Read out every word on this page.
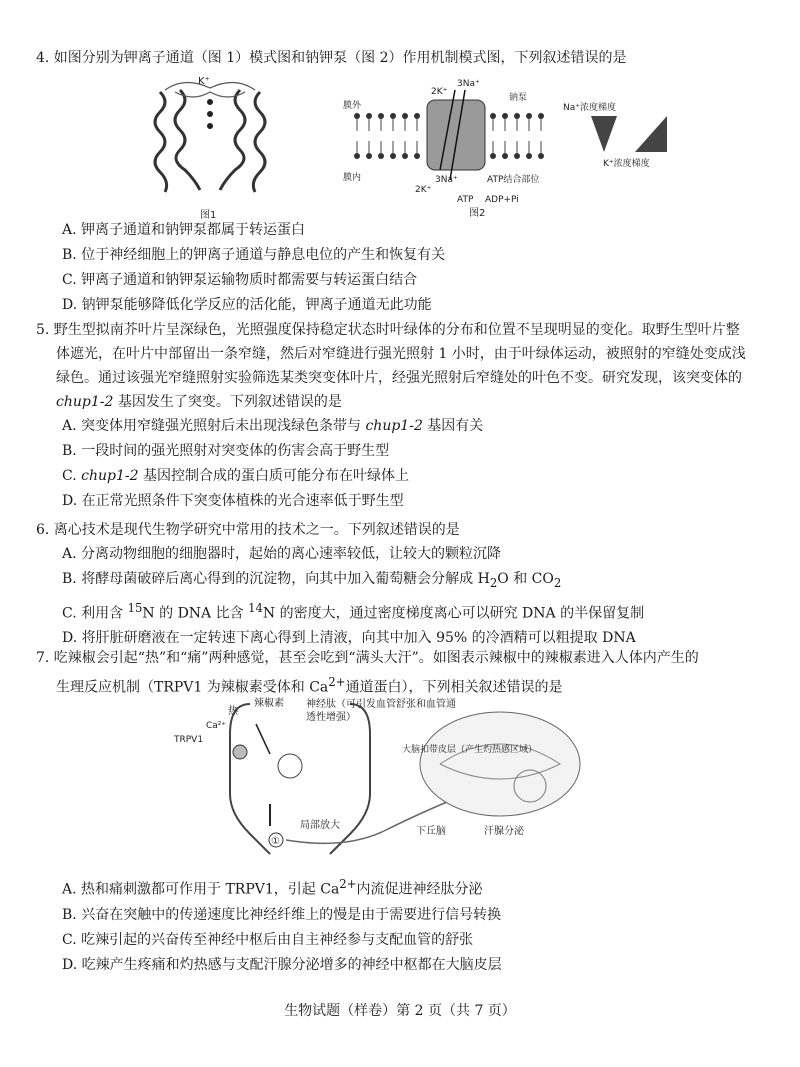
4. 如图分别为钾离子通道（图 1）模式图和钠钾泵（图 2）作用机制模式图，下列叙述错误的是

K⁺
图1
膜外
膜内
3Na⁺
2K⁺
钠泵
3Na⁺
2K⁺
ATP结合部位
ATP ADP+Pi
图2
Na⁺浓度梯度
K⁺浓度梯度

A. 钾离子通道和钠钾泵都属于转运蛋白

B. 位于神经细胞上的钾离子通道与静息电位的产生和恢复有关

C. 钾离子通道和钠钾泵运输物质时都需要与转运蛋白结合

D. 钠钾泵能够降低化学反应的活化能，钾离子通道无此功能

5. 野生型拟南芥叶片呈深绿色，光照强度保持稳定状态时叶绿体的分布和位置不呈现明显的变化。取野生型叶片整

体遮光，在叶片中部留出一条窄缝，然后对窄缝进行强光照射 1 小时，由于叶绿体运动，被照射的窄缝处变成浅

绿色。通过该强光窄缝照射实验筛选某类突变体叶片，经强光照射后窄缝处的叶色不变。研究发现，该突变体的

chup1-2 基因发生了突变。下列叙述错误的是

A. 突变体用窄缝强光照射后未出现浅绿色条带与 chup1-2 基因有关

B. 一段时间的强光照射对突变体的伤害会高于野生型

C. chup1-2 基因控制合成的蛋白质可能分布在叶绿体上

D. 在正常光照条件下突变体植株的光合速率低于野生型

6. 离心技术是现代生物学研究中常用的技术之一。下列叙述错误的是

A. 分离动物细胞的细胞器时，起始的离心速率较低，让较大的颗粒沉降

B. 将酵母菌破碎后离心得到的沉淀物，向其中加入葡萄糖会分解成 $H_2O$ 和 $CO_2$

C. 利用含 $^{15}$N 的 DNA 比含 $^{14}$N 的密度大，通过密度梯度离心可以研究 DNA 的半保留复制

D. 将肝脏研磨液在一定转速下离心得到上清液，向其中加入 95% 的冷酒精可以粗提取 DNA

7. 吃辣椒会引起“热”和“痛”两种感觉，甚至会吃到“满头大汗”。如图表示辣椒中的辣椒素进入人体内产生的

生理反应机制（TRPV1 为辣椒素受体和 $Ca^{2+}$通道蛋白），下列相关叙述错误的是

①
热
辣椒素
Ca²⁺
TRPV1
神经肽（可引发血管舒张和血管通透性增强）
局部放大
大脑扣带皮层（产生灼热感区域）
下丘脑	汗腺分泌

A. 热和痛刺激都可作用于 TRPV1，引起 $Ca^{2+}$内流促进神经肽分泌

B. 兴奋在突触中的传递速度比神经纤维上的慢是由于需要进行信号转换

C. 吃辣引起的兴奋传至神经中枢后由自主神经参与支配血管的舒张

D. 吃辣产生疼痛和灼热感与支配汗腺分泌增多的神经中枢都在大脑皮层

生物试题（样卷）第 2 页（共 7 页）
